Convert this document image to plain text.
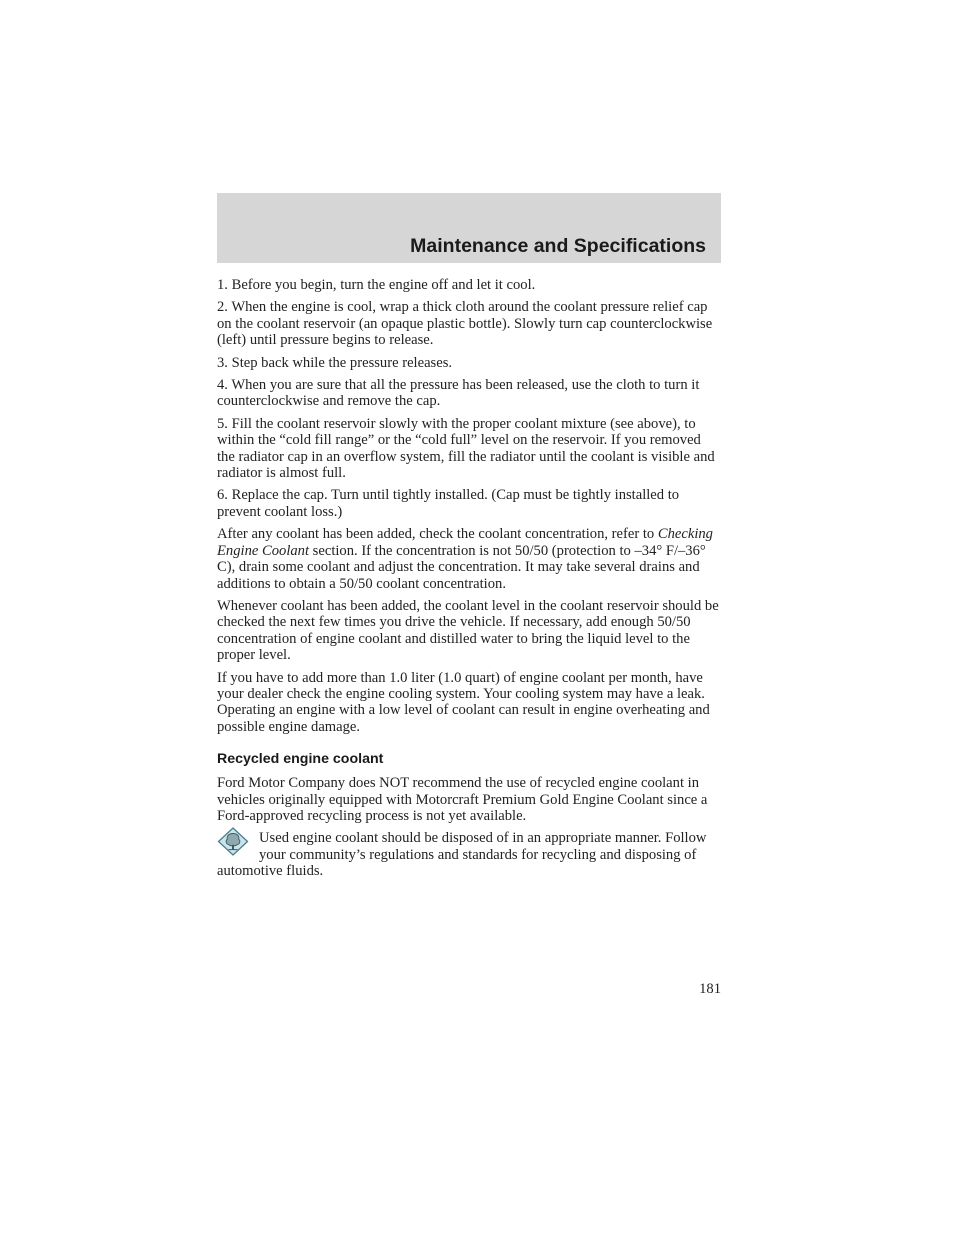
Maintenance and Specifications

1. Before you begin, turn the engine off and let it cool.

2. When the engine is cool, wrap a thick cloth around the coolant pressure relief cap on the coolant reservoir (an opaque plastic bottle). Slowly turn cap counterclockwise (left) until pressure begins to release.

3. Step back while the pressure releases.

4. When you are sure that all the pressure has been released, use the cloth to turn it counterclockwise and remove the cap.

5. Fill the coolant reservoir slowly with the proper coolant mixture (see above), to within the “cold fill range” or the “cold full” level on the reservoir. If you removed the radiator cap in an overflow system, fill the radiator until the coolant is visible and radiator is almost full.

6. Replace the cap. Turn until tightly installed. (Cap must be tightly installed to prevent coolant loss.)

After any coolant has been added, check the coolant concentration, refer to Checking Engine Coolant section. If the concentration is not 50/50 (protection to –34° F/–36° C), drain some coolant and adjust the concentration. It may take several drains and additions to obtain a 50/50 coolant concentration.

Whenever coolant has been added, the coolant level in the coolant reservoir should be checked the next few times you drive the vehicle. If necessary, add enough 50/50 concentration of engine coolant and distilled water to bring the liquid level to the proper level.

If you have to add more than 1.0 liter (1.0 quart) of engine coolant per month, have your dealer check the engine cooling system. Your cooling system may have a leak. Operating an engine with a low level of coolant can result in engine overheating and possible engine damage.

Recycled engine coolant

Ford Motor Company does NOT recommend the use of recycled engine coolant in vehicles originally equipped with Motorcraft Premium Gold Engine Coolant since a Ford-approved recycling process is not yet available.

Used engine coolant should be disposed of in an appropriate manner. Follow your community’s regulations and standards for recycling and disposing of automotive fluids.

181
